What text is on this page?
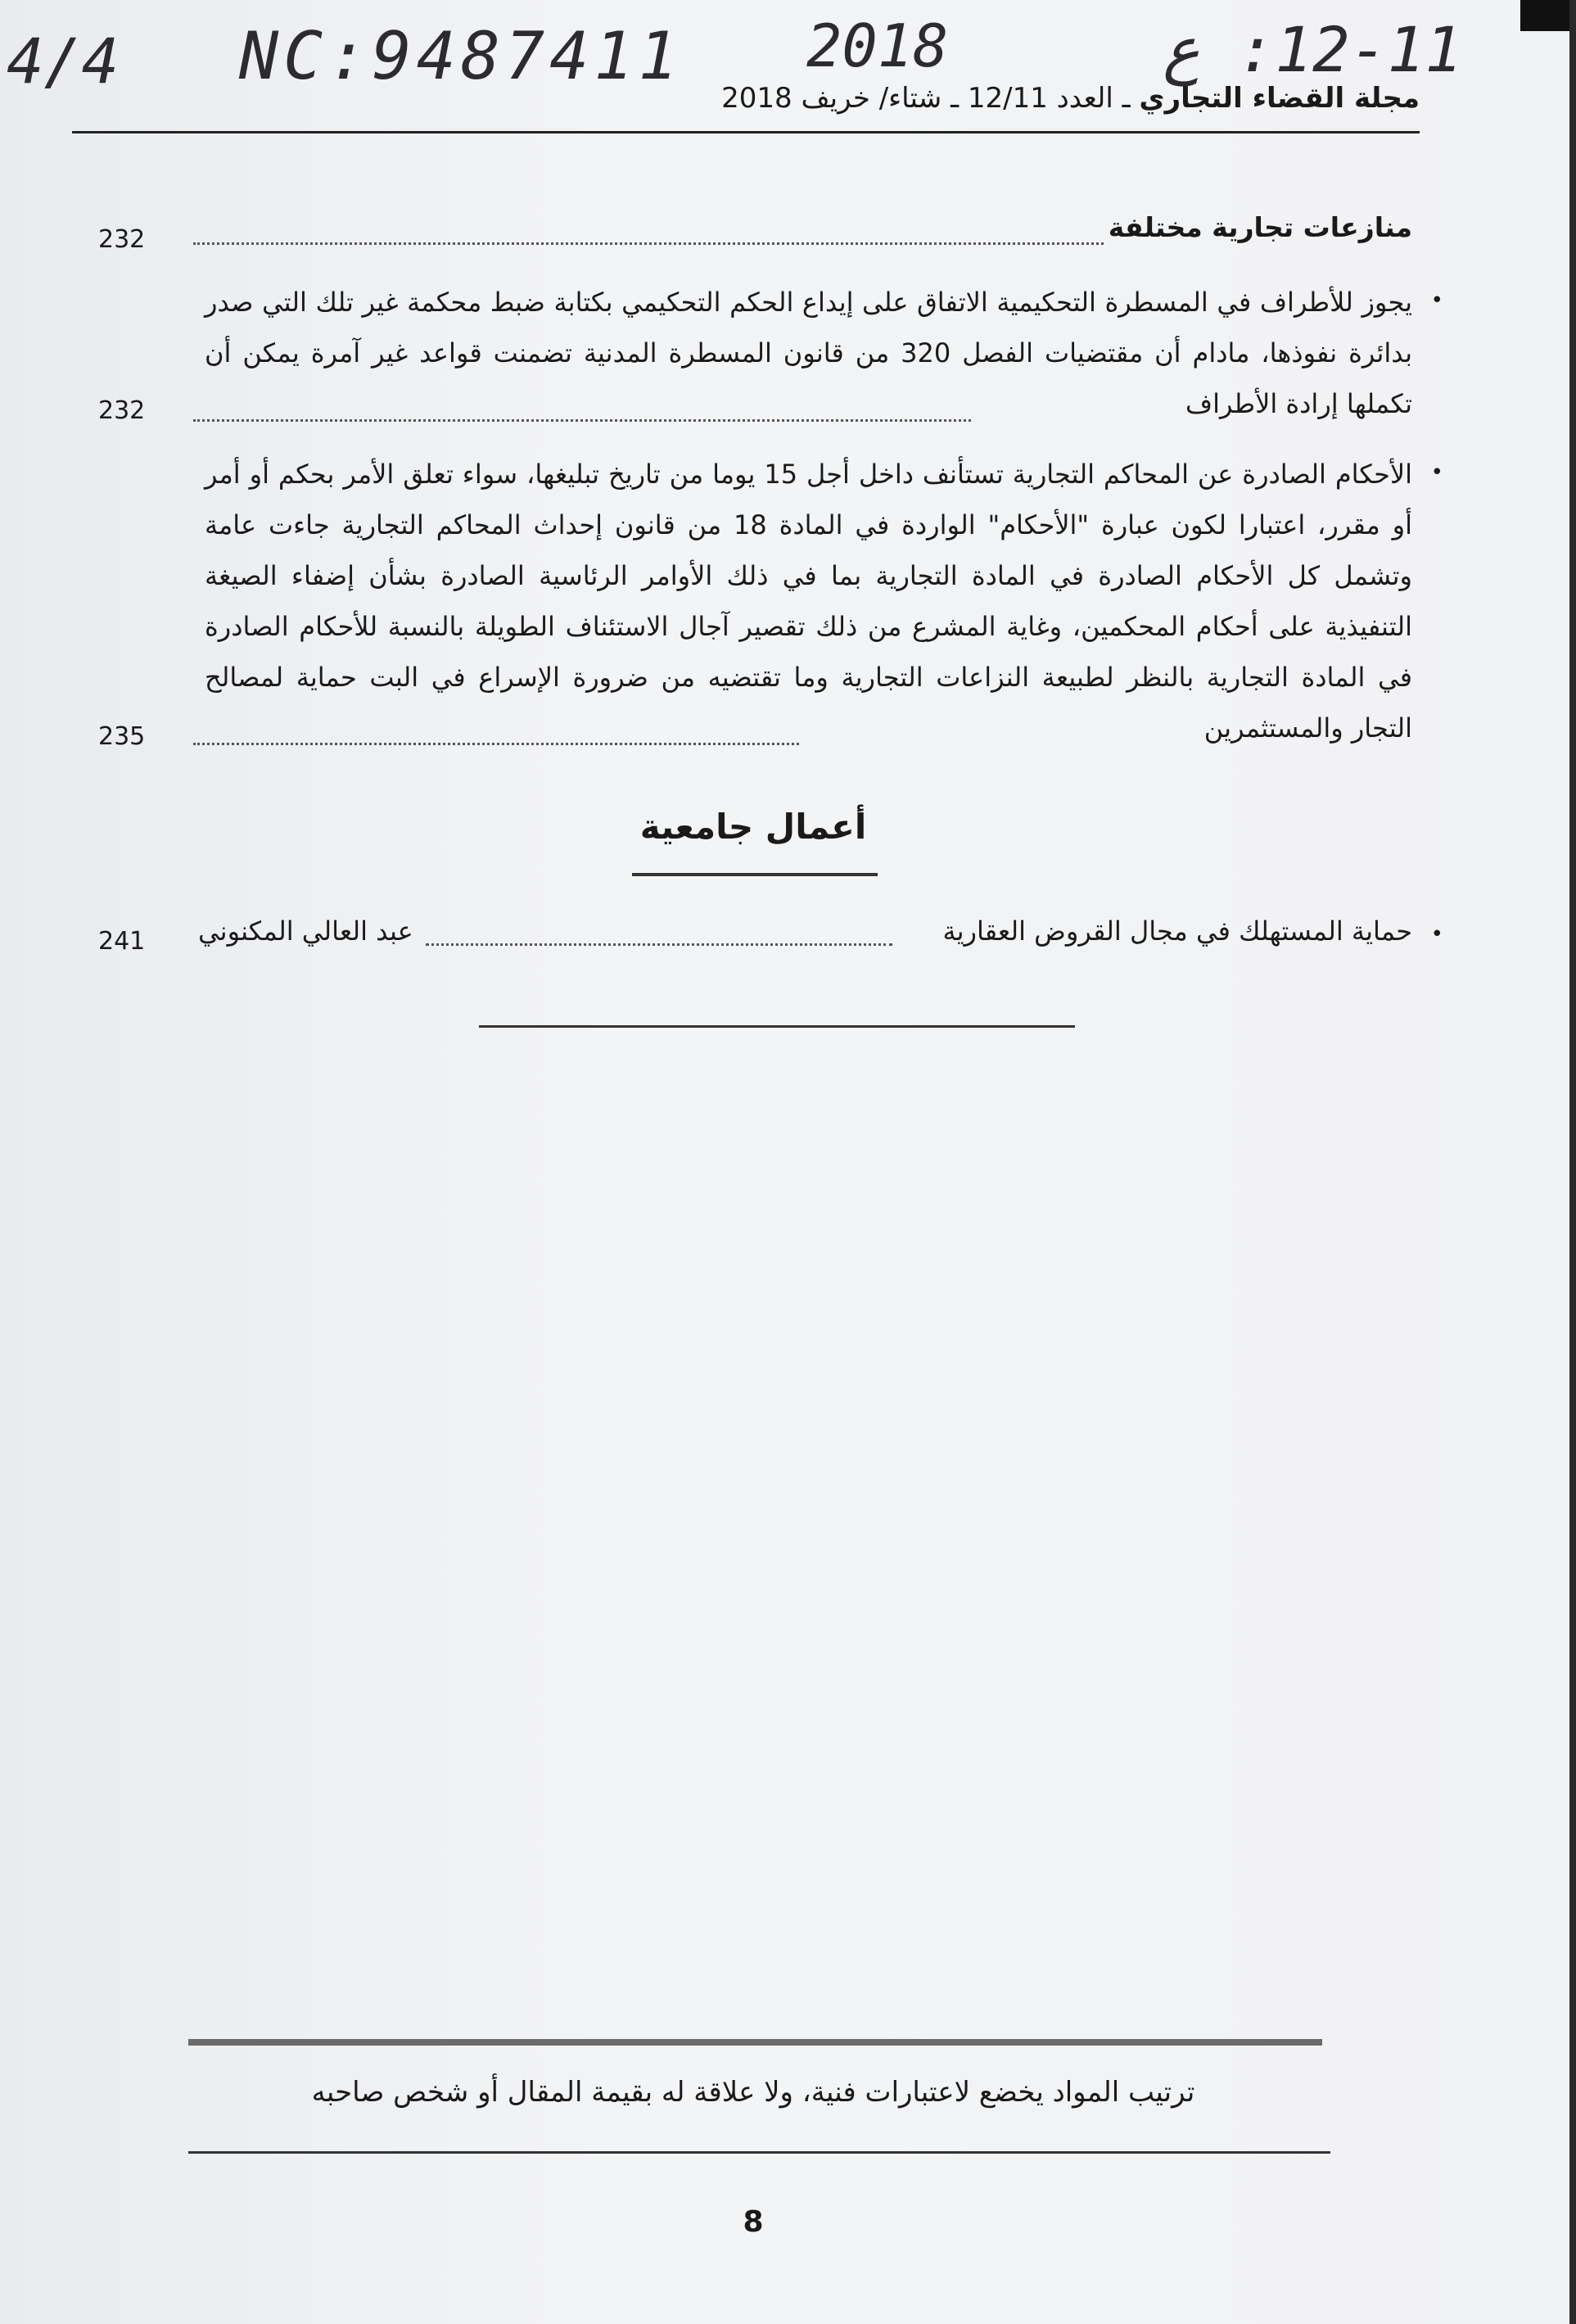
4/4 NC:9487411 2018	12-11: ع
مجلة القضاء التجاري ـ العدد 12/11 ـ شتاء/ خريف 2018
منازعات تجارية مختلفة
232
•
يجوز للأطراف في المسطرة التحكيمية الاتفاق على إيداع الحكم التحكيمي بكتابة ضبط محكمة غير تلك التي صدر بدائرة نفوذها، مادام أن مقتضيات الفصل 320 من قانون المسطرة المدنية تضمنت قواعد غير آمرة يمكن أن تكملها إرادة الأطراف
232
•
الأحكام الصادرة عن المحاكم التجارية تستأنف داخل أجل 15 يوما من تاريخ تبليغها، سواء تعلق الأمر بحكم أو أمر أو مقرر، اعتبارا لكون عبارة "الأحكام" الواردة في المادة 18 من قانون إحداث المحاكم التجارية جاءت عامة وتشمل كل الأحكام الصادرة في المادة التجارية بما في ذلك الأوامر الرئاسية الصادرة بشأن إضفاء الصيغة التنفيذية على أحكام المحكمين، وغاية المشرع من ذلك تقصير آجال الاستئناف الطويلة بالنسبة للأحكام الصادرة في المادة التجارية بالنظر لطبيعة النزاعات التجارية وما تقتضيه من ضرورة الإسراع في البت حماية لمصالح التجار والمستثمرين
235
أعمال جامعية
•
حماية المستهلك في مجال القروض العقارية
عبد العالي المكنوني
241
ترتيب المواد يخضع لاعتبارات فنية، ولا علاقة له بقيمة المقال أو شخص صاحبه
8
